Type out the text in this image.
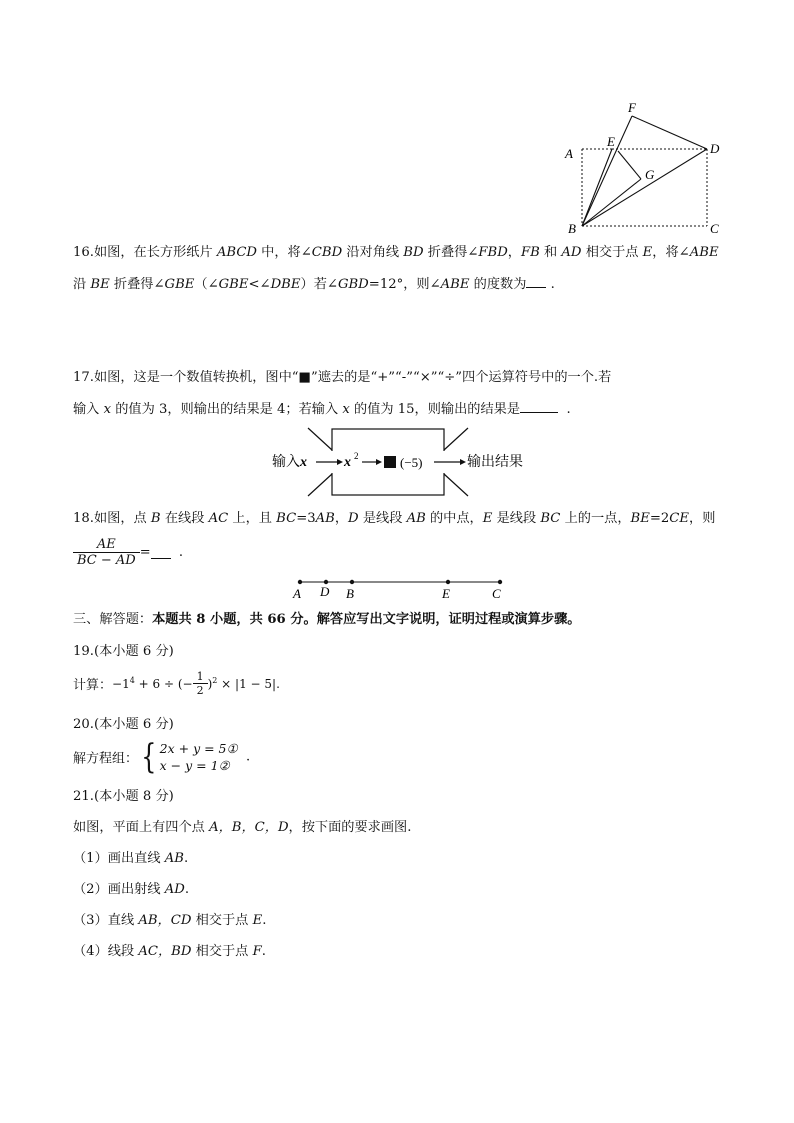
F
E
A	D
G
B	C
16.如图，在长方形纸片 ABCD 中，将∠CBD 沿对角线 BD 折叠得∠FBD，FB 和 AD 相交于点 E，将∠ABE
沿 BE 折叠得∠GBE（∠GBE<∠DBE）若∠GBD=12°，则∠ABE 的度数为 .
17.如图，这是一个数值转换机，图中“■”遮去的是“+”“-”“×”“÷”四个运算符号中的一个.若
输入 x 的值为 3，则输出的结果是 4；若输入 x 的值为 15，则输出的结果是	.
输入 x	x 2	(−5)	输出结果
18.如图，点 B 在线段 AC 上，且 BC=3AB，D 是线段 AB 的中点，E 是线段 BC 上的一点，BE=2CE，则
$\frac{AE}{BC - AD}$ = .
A D B	E	C
三、解答题：本题共 8 小题，共 66 分。解答应写出文字说明，证明过程或演算步骤。
19.(本小题 6 分)
计算：$-1^4 + 6$ ÷ (− $\frac{1}{2} )^2 \times |1 - 5|$.
20.(本小题 6 分)
解方程组：{ 2x + y = 5①
x − y = 1②
.
21.(本小题 8 分)
如图，平面上有四个点 A，B，C，D，按下面的要求画图.
（1）画出直线 AB.
（2）画出射线 AD.
（3）直线 AB，CD 相交于点 E.
（4）线段 AC，BD 相交于点 F.
